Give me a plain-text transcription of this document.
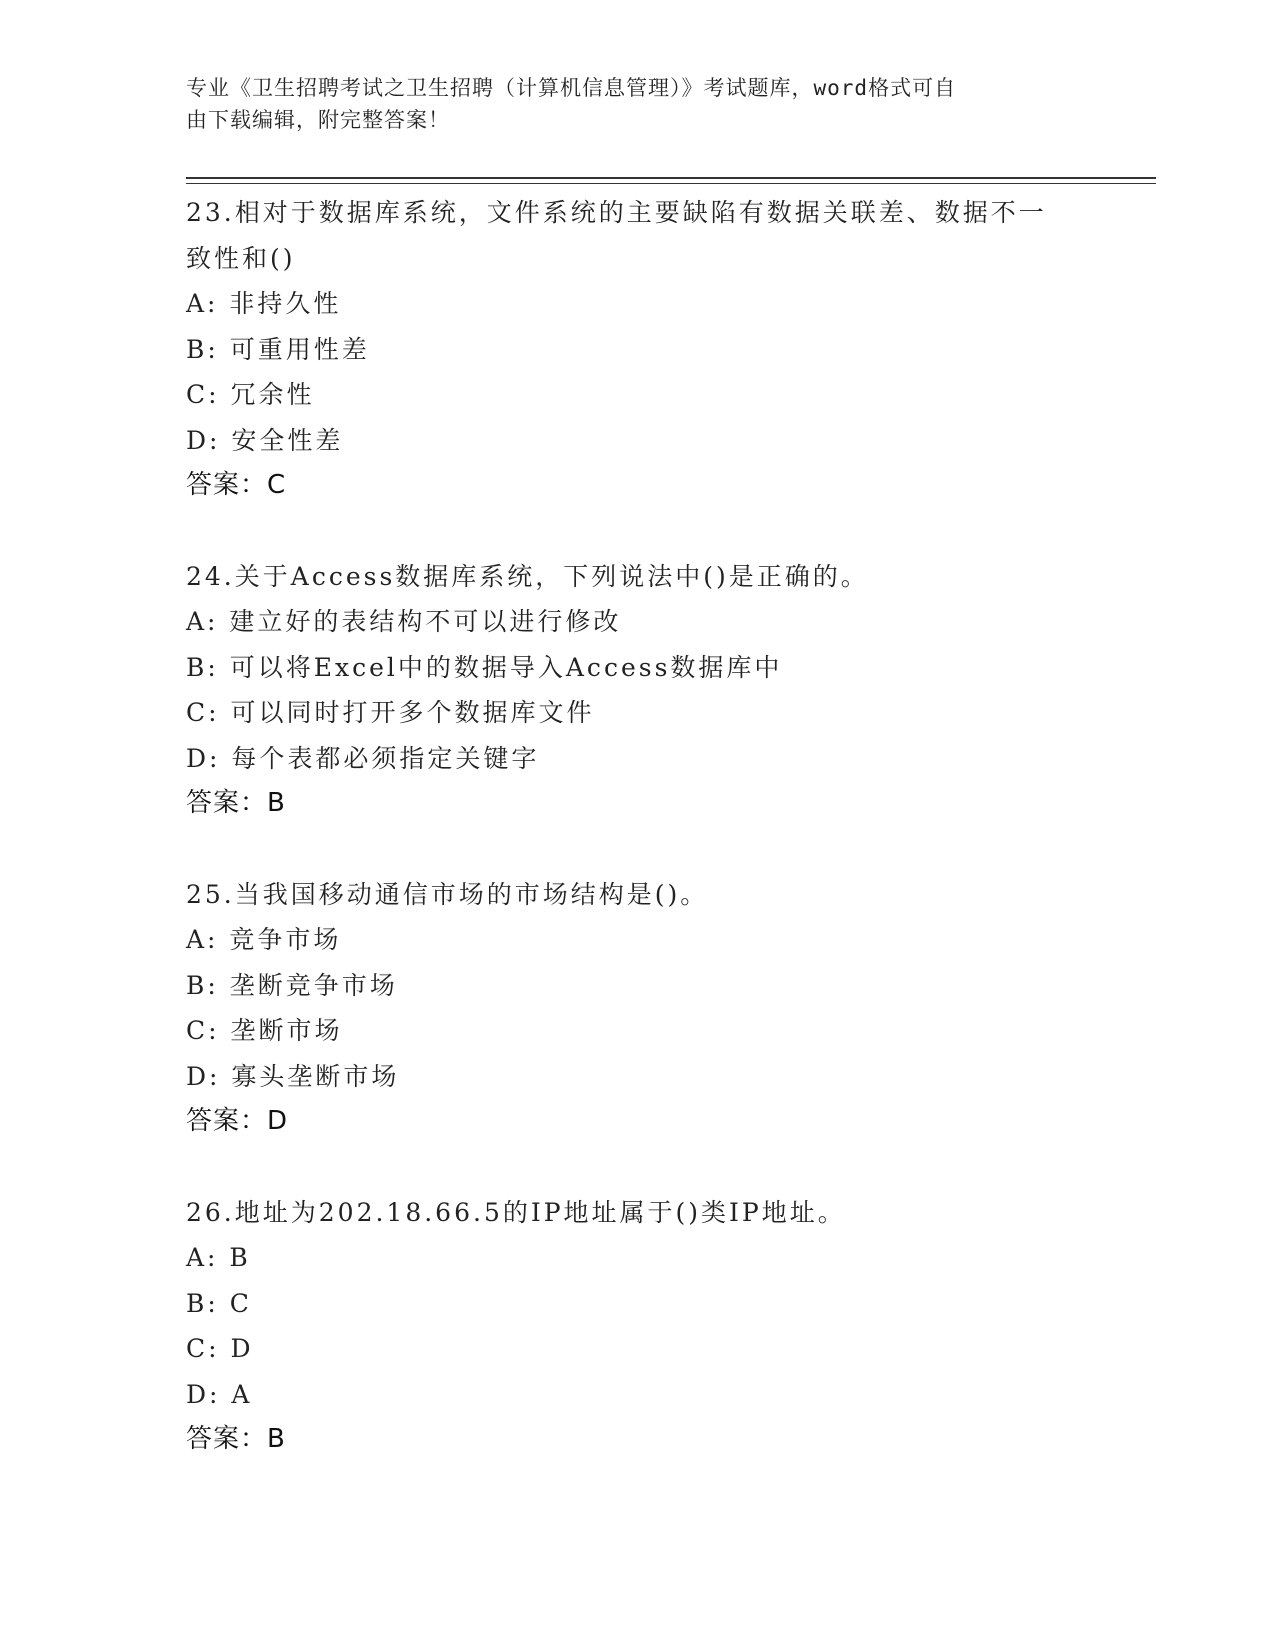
专业《卫生招聘考试之卫生招聘（计算机信息管理）》考试题库，word格式可自
由下载编辑，附完整答案！
23.相对于数据库系统，文件系统的主要缺陷有数据关联差、数据不一
致性和()
A: 非持久性
B: 可重用性差
C: 冗余性
D: 安全性差
答案：C
24.关于Access数据库系统，下列说法中()是正确的。
A: 建立好的表结构不可以进行修改
B: 可以将Excel中的数据导入Access数据库中
C: 可以同时打开多个数据库文件
D: 每个表都必须指定关键字
答案：B
25.当我国移动通信市场的市场结构是()。
A: 竞争市场
B: 垄断竞争市场
C: 垄断市场
D: 寡头垄断市场
答案：D
26.地址为202.18.66.5的IP地址属于()类IP地址。
A: B
B: C
C: D
D: A
答案：B
